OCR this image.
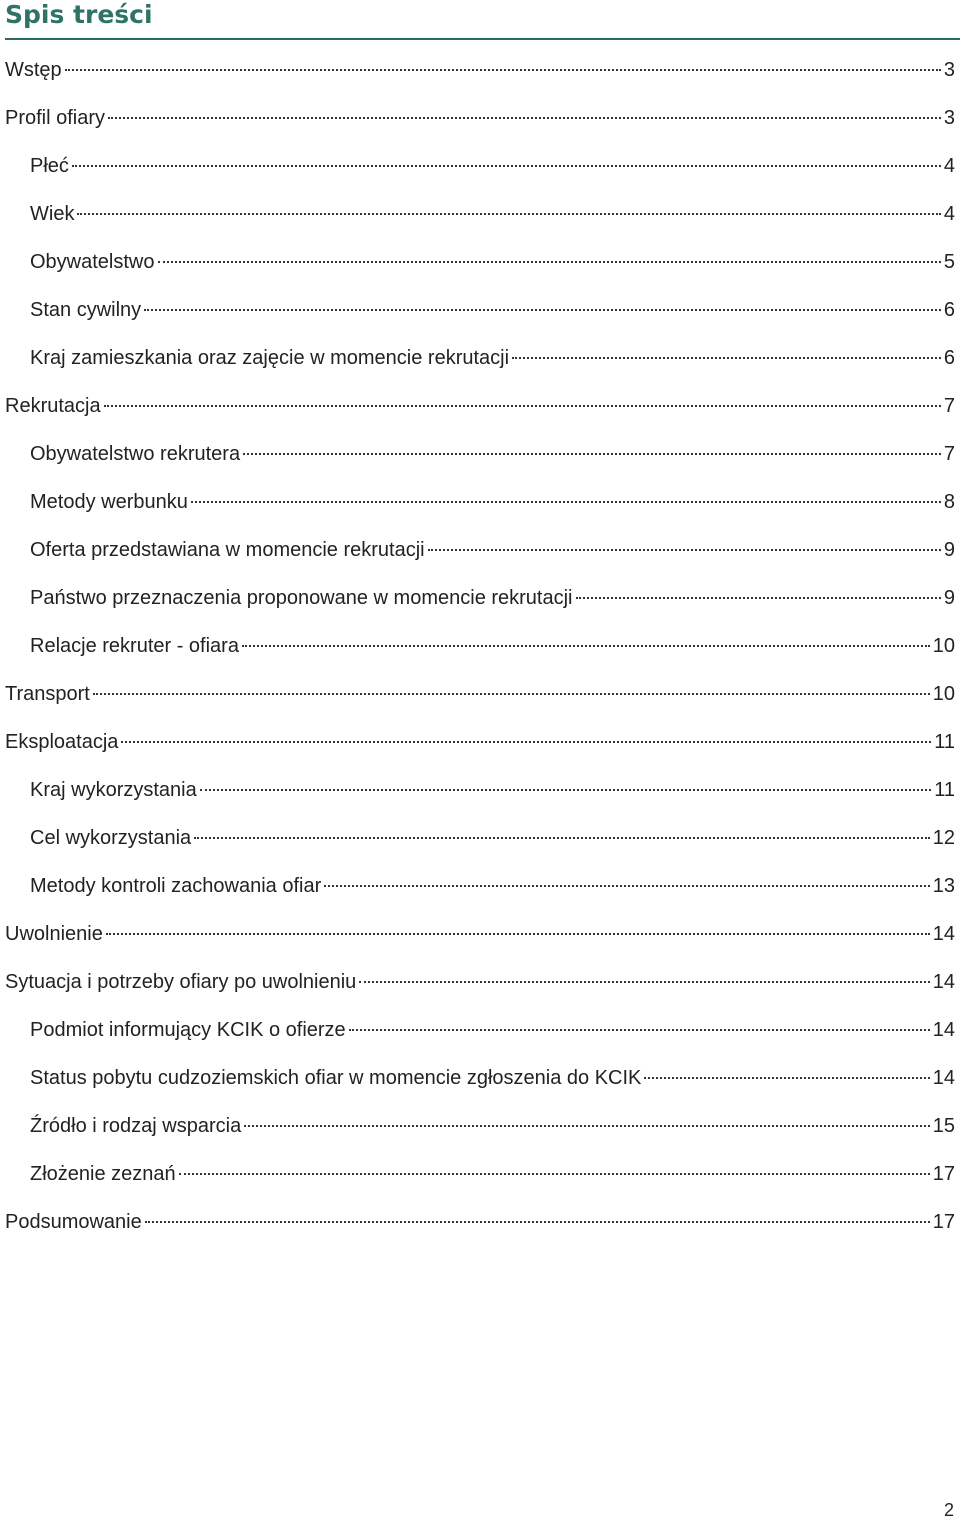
Spis treści
Wstęp	3
Profil ofiary	3
Płeć	4
Wiek	4
Obywatelstwo	5
Stan cywilny	6
Kraj zamieszkania oraz zajęcie w momencie rekrutacji	6
Rekrutacja	7
Obywatelstwo rekrutera	7
Metody werbunku	8
Oferta przedstawiana w momencie rekrutacji	9
Państwo przeznaczenia proponowane w momencie rekrutacji	9
Relacje rekruter - ofiara	10
Transport	10
Eksploatacja	11
Kraj wykorzystania	11
Cel wykorzystania	12
Metody kontroli zachowania ofiar	13
Uwolnienie	14
Sytuacja i potrzeby ofiary po uwolnieniu	14
Podmiot informujący KCIK o ofierze	14
Status pobytu cudzoziemskich ofiar w momencie zgłoszenia do KCIK	14
Źródło i rodzaj wsparcia	15
Złożenie zeznań	17
Podsumowanie	17
2
